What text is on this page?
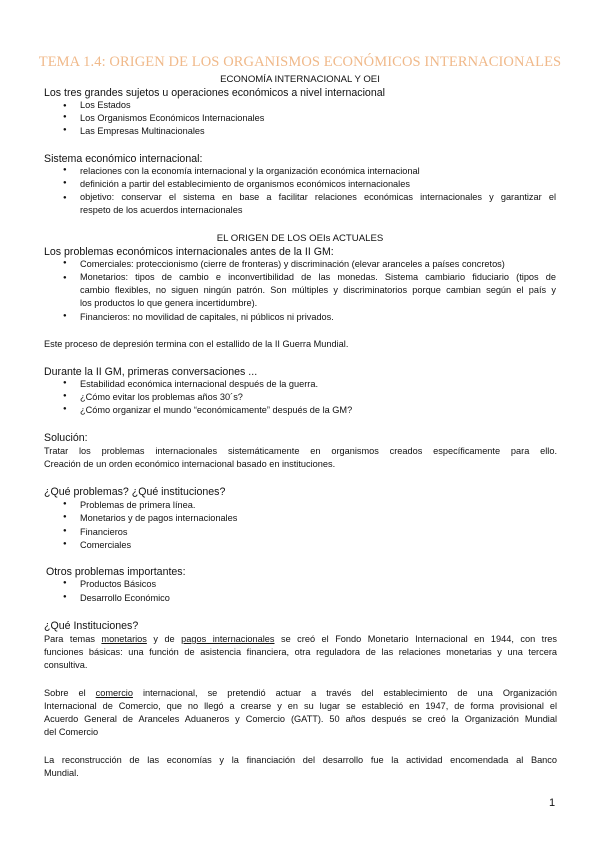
TEMA 1.4: ORIGEN DE LOS ORGANISMOS ECONÓMICOS INTERNACIONALES
ECONOMÍA INTERNACIONAL Y OEI
Los tres grandes sujetos u operaciones económicos a nivel internacional
● Los Estados
● Los Organismos Económicos Internacionales
● Las Empresas Multinacionales
Sistema económico internacional:
● relaciones con la economía internacional y la organización económica internacional
● definición a partir del establecimiento de organismos económicos internacionales
objetivo: conservar el sistema en base a facilitar relaciones económicas internacionales y garantizar el
respeto de los acuerdos internacionales
●
EL ORIGEN DE LOS OEIs ACTUALES
Los problemas económicos internacionales antes de la II GM:
● Comerciales: proteccionismo (cierre de fronteras) y discriminación (elevar aranceles a países concretos)
Monetarios: tipos de cambio e inconvertibilidad de las monedas. Sistema cambiario fiduciario (tipos de
cambio flexibles, no siguen ningún patrón. Son múltiples y discriminatorios porque cambian según el país y
los productos lo que genera incertidumbre).
●
● Financieros: no movilidad de capitales, ni públicos ni privados.
Este proceso de depresión termina con el estallido de la II Guerra Mundial.
Durante la II GM, primeras conversaciones ...
● Estabilidad económica internacional después de la guerra.
● ¿Cómo evitar los problemas años 30´s?
● ¿Cómo organizar el mundo “económicamente” después de la GM?
Solución:
Tratar los problemas internacionales sistemáticamente en organismos creados específicamente para ello.
Creación de un orden económico internacional basado en instituciones.
¿Qué problemas? ¿Qué instituciones?
● Problemas de primera línea.
● Monetarios y de pagos internacionales
● Financieros
● Comerciales
Otros problemas importantes:
● Productos Básicos
● Desarrollo Económico
¿Qué Instituciones?
Para temas monetarios y de pagos internacionales se creó el Fondo Monetario Internacional en 1944, con tres
funciones básicas: una función de asistencia financiera, otra reguladora de las relaciones monetarias y una tercera
consultiva.
Sobre el comercio internacional, se pretendió actuar a través del establecimiento de una Organización
Internacional de Comercio, que no llegó a crearse y en su lugar se estableció en 1947, de forma provisional el
Acuerdo General de Aranceles Aduaneros y Comercio (GATT). 50 años después se creó la Organización Mundial
del Comercio
La reconstrucción de las economías y la financiación del desarrollo fue la actividad encomendada al Banco
Mundial.
1
